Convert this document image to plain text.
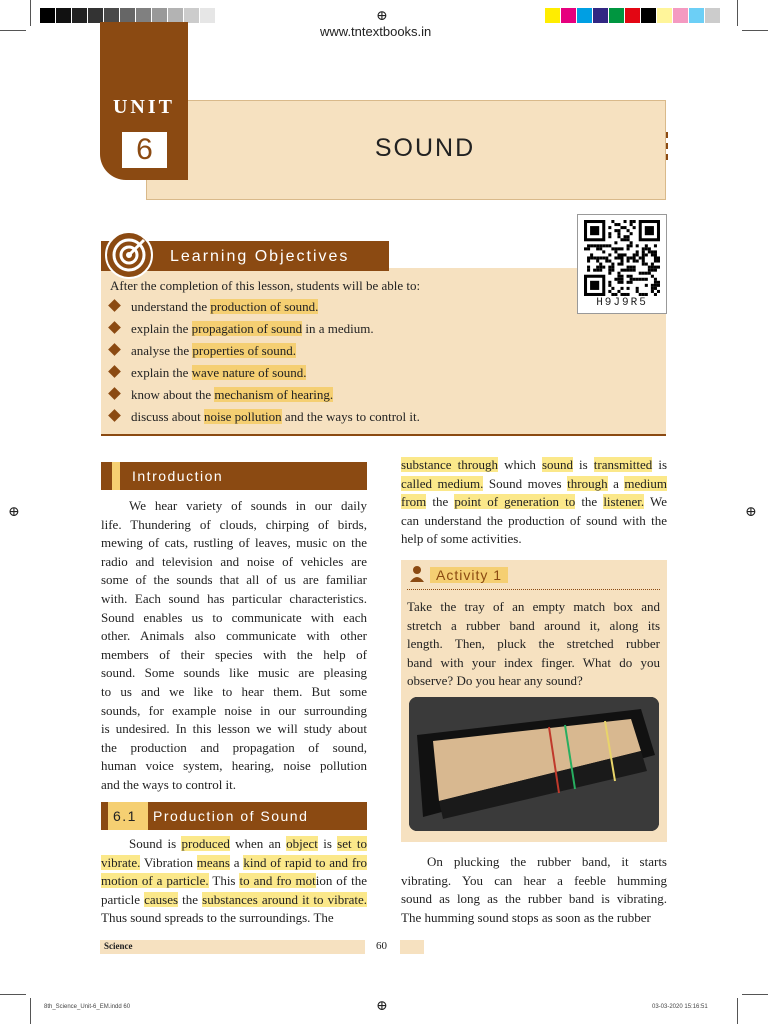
⊕
⊕	⊕
⊕
www.tntextbooks.in
UNIT
6	SOUND
Learning Objectives
After the completion of this lesson, students will be able to:
understand the production of sound.
explain the propagation of sound in a medium.
analyse the properties of sound.
explain the wave nature of sound.
know about the mechanism of hearing.
discuss about noise pollution and the ways to control it.
H9J9R5
Introduction
We hear variety of sounds in our daily
life. Thundering of clouds, chirping of birds,
mewing of cats, rustling of leaves, music on the
radio and television and noise of vehicles are
some of the sounds that all of us are familiar
with. Each sound has particular characteristics.
Sound enables us to communicate with each
other. Animals also communicate with other
members of their species with the help of
sound. Some sounds like music are pleasing
to us and we like to hear them. But some
sounds, for example noise in our surrounding
is undesired. In this lesson we will study about
the production and propagation of sound,
human voice system, hearing, noise pollution
and the ways to control it.
6.1 Production of Sound
Sound is produced when an object is set to
vibrate. Vibration means a kind of rapid to and fro
motion of a particle. This to and fro motion of the
particle causes the substances around it to vibrate.
Thus sound spreads to the surroundings. The
substance through which sound is transmitted is
called medium. Sound moves through a medium
from the point of generation to the listener. We
can understand the production of sound with the
help of some activities.
Activity 1
Take the tray of an empty match box and
stretch a rubber band around it, along its
length. Then, pluck the stretched rubber
band with your index finger. What do you
observe? Do you hear any sound?
On plucking the rubber band, it starts
vibrating. You can hear a feeble humming
sound as long as the rubber band is vibrating.
The humming sound stops as soon as the rubber
Science	60
8th_Science_Unit-6_EM.indd 60	03-03-2020 15:16:51
